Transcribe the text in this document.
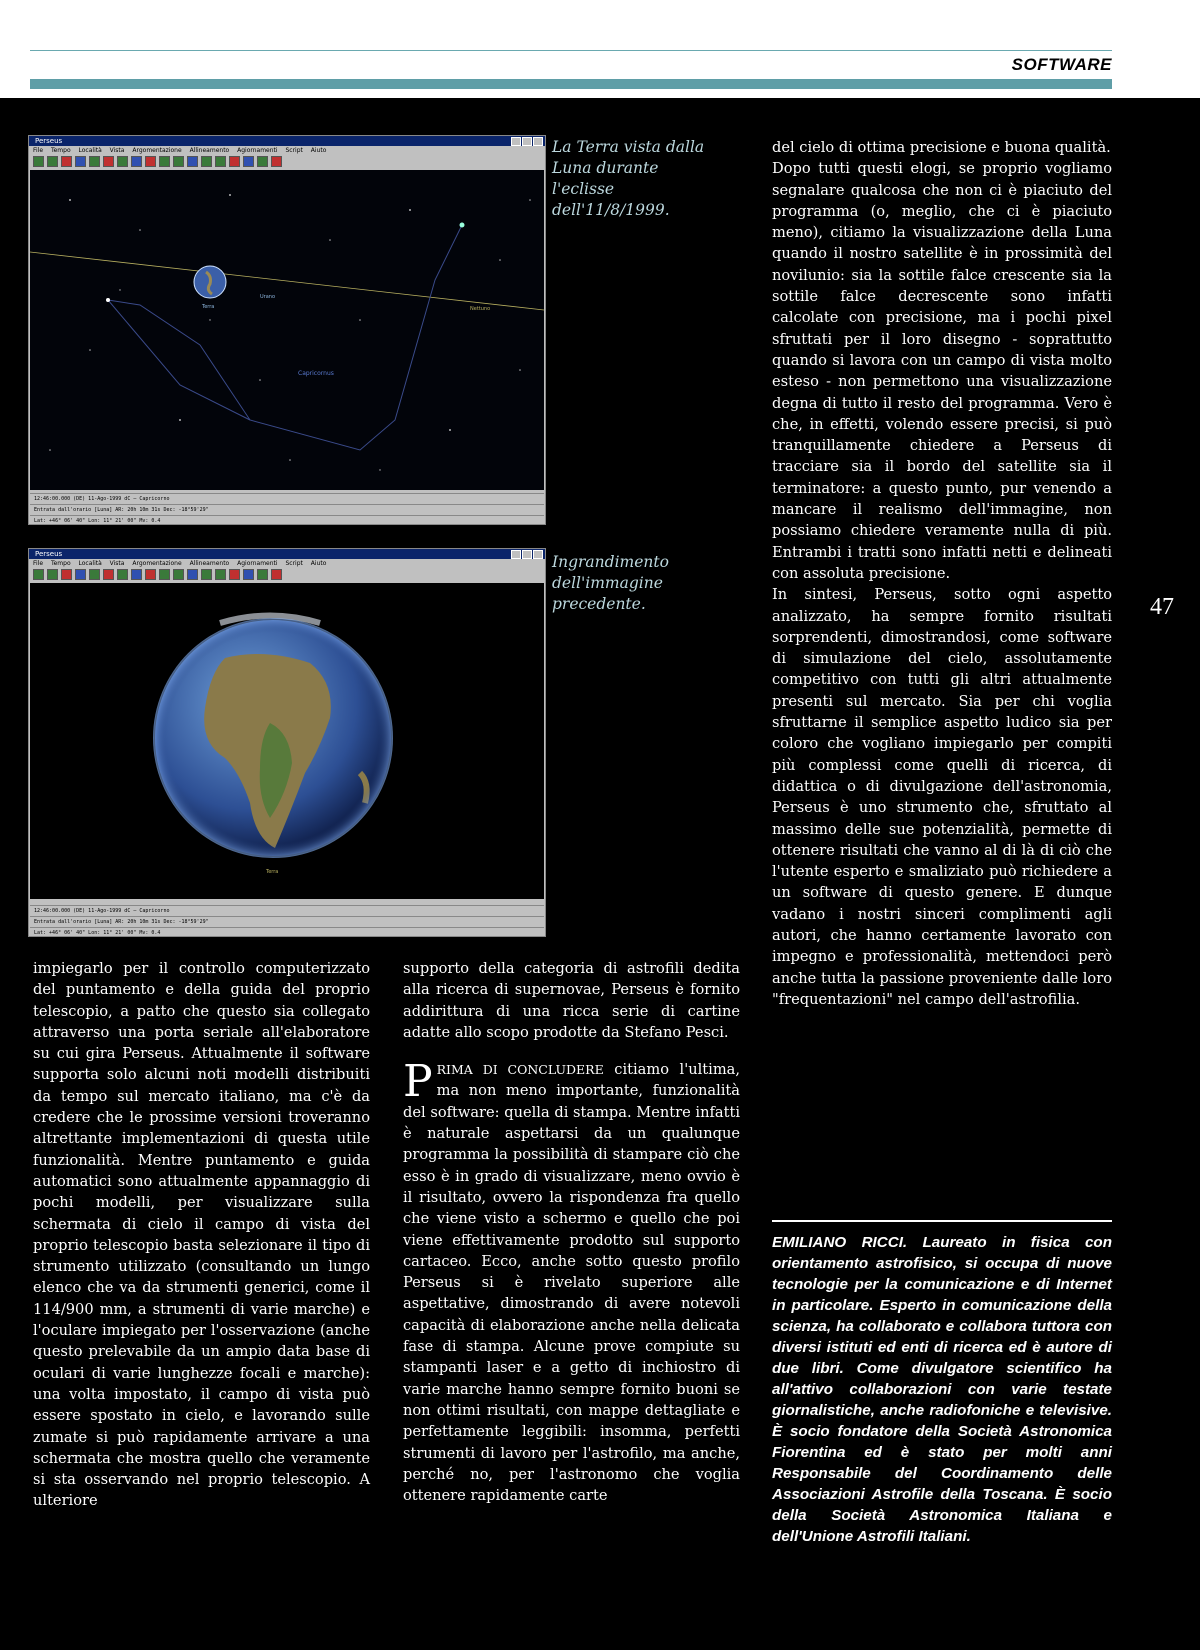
SOFTWARE
47
Perseus
File Tempo Località Vista Argomentazione Allineamento Agiornamenti Script Aiuto
Capricornus
Terra
Urano
Nettuno
12:46:00.000 (DE) 11-Ago-1999 dC — Capricorno
Entrata dall'orario [Luna] AR: 20h 10m 31s Dec: -18°59'29"
Lat: +46° 06' 40" Lon: 11° 21' 00" Mv: 0.4
La Terra vista dalla Luna durante l'eclisse dell'11/8/1999.
Perseus
File Tempo Località Vista Argomentazione Allineamento Agiornamenti Script Aiuto
Terra
12:46:00.000 (DE) 11-Ago-1999 dC — Capricorno
Entrata dall'orario [Luna] AR: 20h 10m 31s Dec: -18°59'29"
Lat: +46° 06' 40" Lon: 11° 21' 00" Mv: 0.4
Ingrandimento dell'immagine precedente.

impiegarlo per il controllo computerizzato del puntamento e della guida del proprio telescopio, a patto che questo sia collegato attraverso una porta seriale all'elaboratore su cui gira Perseus. Attualmente il software supporta solo alcuni noti modelli distribuiti da tempo sul mercato italiano, ma c'è da credere che le prossime versioni troveranno altrettante implementazioni di questa utile funzionalità. Mentre puntamento e guida automatici sono attualmente appannaggio di pochi modelli, per visualizzare sulla schermata di cielo il campo di vista del proprio telescopio basta selezionare il tipo di strumento utilizzato (consultando un lungo elenco che va da strumenti generici, come il 114/900 mm, a strumenti di varie marche) e l'oculare impiegato per l'osservazione (anche questo prelevabile da un ampio data base di oculari di varie lunghezze focali e marche): una volta impostato, il campo di vista può essere spostato in cielo, e lavorando sulle zumate si può rapidamente arrivare a una schermata che mostra quello che veramente si sta osservando nel proprio telescopio. A ulteriore

supporto della categoria di astrofili dedita alla ricerca di supernovae, Perseus è fornito addirittura di una ricca serie di cartine adatte allo scopo prodotte da Stefano Pesci.

PRIMA DI CONCLUDERE citiamo l'ultima, ma non meno importante, funzionalità del software: quella di stampa. Mentre infatti è naturale aspettarsi da un qualunque programma la possibilità di stampare ciò che esso è in grado di visualizzare, meno ovvio è il risultato, ovvero la rispondenza fra quello che viene visto a schermo e quello che poi viene effettivamente prodotto sul supporto cartaceo. Ecco, anche sotto questo profilo Perseus si è rivelato superiore alle aspettative, dimostrando di avere notevoli capacità di elaborazione anche nella delicata fase di stampa. Alcune prove compiute su stampanti laser e a getto di inchiostro di varie marche hanno sempre fornito buoni se non ottimi risultati, con mappe dettagliate e perfettamente leggibili: insomma, perfetti strumenti di lavoro per l'astrofilo, ma anche, perché no, per l'astronomo che voglia ottenere rapidamente carte

del cielo di ottima precisione e buona qualità.

Dopo tutti questi elogi, se proprio vogliamo segnalare qualcosa che non ci è piaciuto del programma (o, meglio, che ci è piaciuto meno), citiamo la visualizzazione della Luna quando il nostro satellite è in prossimità del novilunio: sia la sottile falce crescente sia la sottile falce decrescente sono infatti calcolate con precisione, ma i pochi pixel sfruttati per il loro disegno - soprattutto quando si lavora con un campo di vista molto esteso - non permettono una visualizzazione degna di tutto il resto del programma. Vero è che, in effetti, volendo essere precisi, si può tranquillamente chiedere a Perseus di tracciare sia il bordo del satellite sia il terminatore: a questo punto, pur venendo a mancare il realismo dell'immagine, non possiamo chiedere veramente nulla di più. Entrambi i tratti sono infatti netti e delineati con assoluta precisione.

In sintesi, Perseus, sotto ogni aspetto analizzato, ha sempre fornito risultati sorprendenti, dimostrandosi, come software di simulazione del cielo, assolutamente competitivo con tutti gli altri attualmente presenti sul mercato. Sia per chi voglia sfruttarne il semplice aspetto ludico sia per coloro che vogliano impiegarlo per compiti più complessi come quelli di ricerca, di didattica o di divulgazione dell'astronomia, Perseus è uno strumento che, sfruttato al massimo delle sue potenzialità, permette di ottenere risultati che vanno al di là di ciò che l'utente esperto e smaliziato può richiedere a un software di questo genere. E dunque vadano i nostri sinceri complimenti agli autori, che hanno certamente lavorato con impegno e professionalità, mettendoci però anche tutta la passione proveniente dalle loro "frequentazioni" nel campo dell'astrofilia.

EMILIANO RICCI. Laureato in fisica con orientamento astrofisico, si occupa di nuove tecnologie per la comunicazione e di Internet in particolare. Esperto in comunicazione della scienza, ha collaborato e collabora tuttora con diversi istituti ed enti di ricerca ed è autore di due libri. Come divulgatore scientifico ha all'attivo collaborazioni con varie testate giornalistiche, anche radiofoniche e televisive. È socio fondatore della Società Astronomica Fiorentina ed è stato per molti anni Responsabile del Coordinamento delle Associazioni Astrofile della Toscana. È socio della Società Astronomica Italiana e dell'Unione Astrofili Italiani.
